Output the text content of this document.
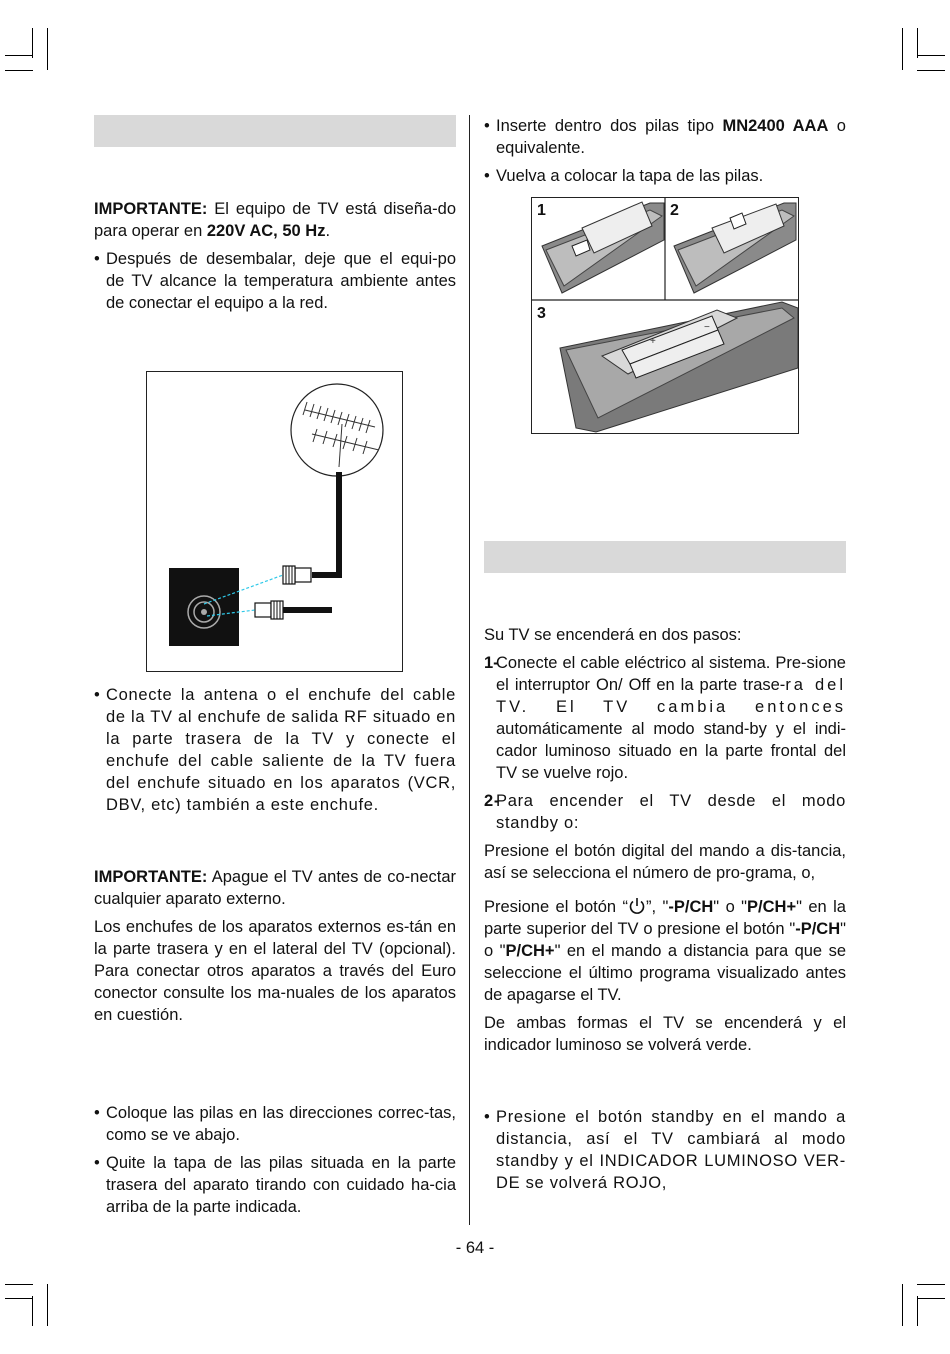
IMPORTANTE: El equipo de TV está diseña-do para operar en 220V AC, 50 Hz.

• Después de desembalar, deje que el equi-po de TV alcance la temperatura ambiente antes de conectar el equipo a la red.
• Conecte la antena o el enchufe del cable de la TV al enchufe de salida RF situado en la parte trasera de la TV y conecte el enchufe del cable saliente de la TV fuera del enchufe situado en los aparatos (VCR, DBV, etc) también a este enchufe.

IMPORTANTE: Apague el TV antes de co-nectar cualquier aparato externo.

Los enchufes de los aparatos externos es-tán en la parte trasera y en el lateral del TV (opcional). Para conectar otros aparatos a través del Euro conector consulte los ma-nuales de los aparatos en cuestión.

• Coloque las pilas en las direcciones correc-tas, como se ve abajo.
• Quite la tapa de las pilas situada en la parte trasera del aparato tirando con cuidado ha-cia arriba de la parte indicada.
• Inserte dentro dos pilas tipo MN2400 AAA o equivalente.
• Vuelva a colocar la tapa de las pilas.
1	2
3
+
−

Su TV se encenderá en dos pasos:

1-
Conecte el cable eléctrico al sistema. Pre-sione el interruptor On/ Off en la parte trase-ra del TV. El TV cambia entonces automáticamente al modo stand-by y el indi-cador luminoso situado en la parte frontal del TV se vuelve rojo.
2-
Para encender el TV desde el modo standby o:

Presione el botón digital del mando a dis-tancia, así se selecciona el número de pro-grama, o,

Presione el botón “ ”, "-P/CH" o "P/CH+" en la parte superior del TV o presione el botón "-P/CH" o "P/CH+" en el mando a distancia para que se seleccione el último programa visualizado antes de apagarse el TV.

De ambas formas el TV se encenderá y el indicador luminoso se volverá verde.

• Presione el botón standby en el mando a distancia, así el TV cambiará al modo standby y el INDICADOR LUMINOSO VER-DE se volverá ROJO,
- 64 -
